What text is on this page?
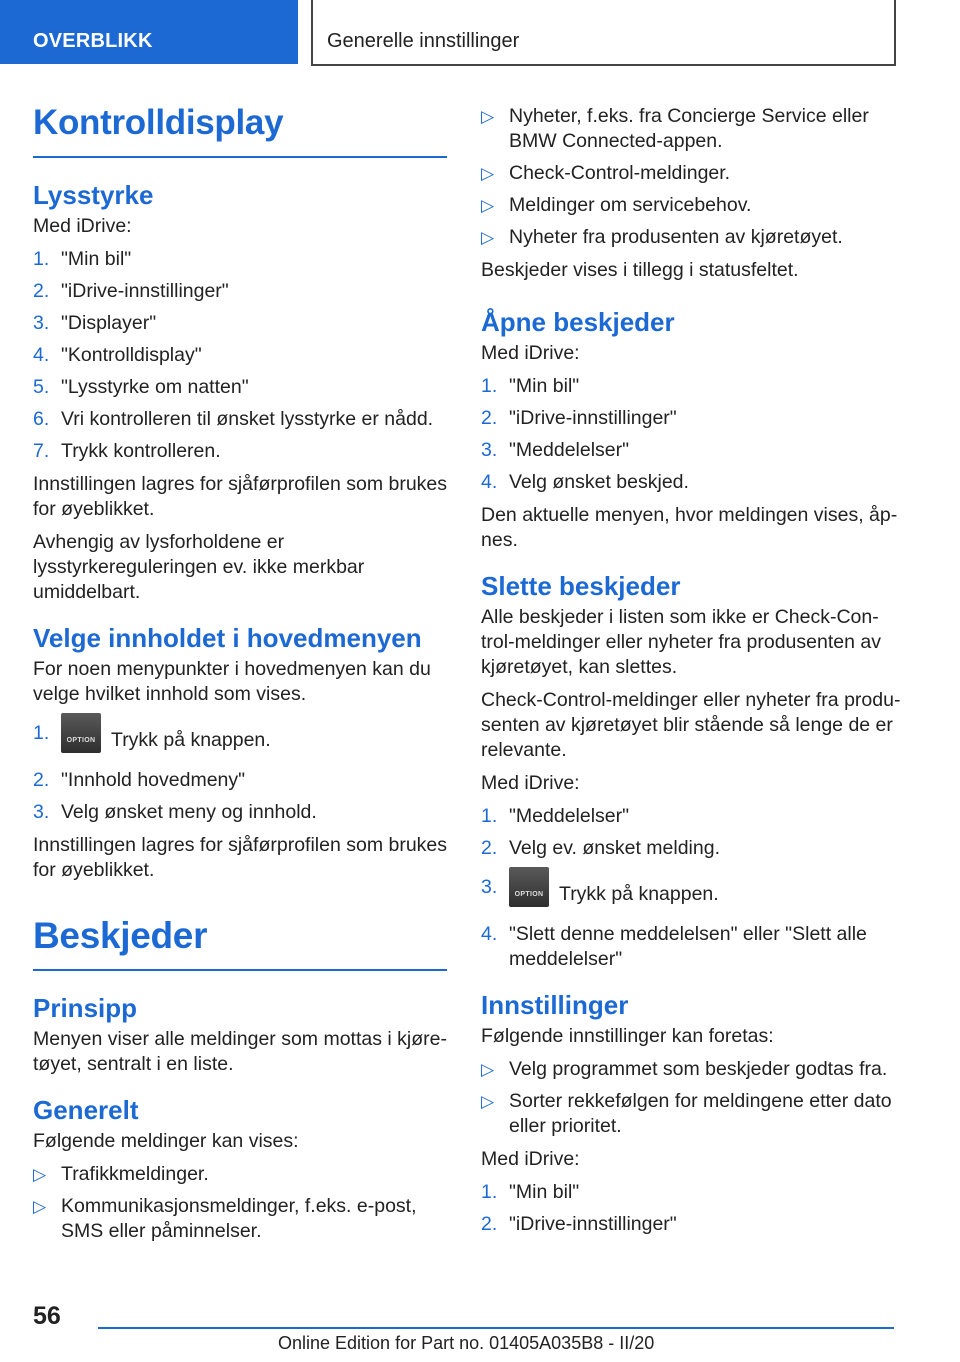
OVERBLIKK	Generelle innstillinger
Kontrolldisplay
Lysstyrke

Med iDrive:

1. "Min bil"
2. "iDrive-innstillinger"
3. "Displayer"
4. "Kontrolldisplay"
5. "Lysstyrke om natten"
6. Vri kontrolleren til ønsket lysstyrke er nådd.
7. Trykk kontrolleren.

Innstillingen lagres for sjåførprofilen som brukes for øyeblikket.

Avhengig av lysforholdene er lysstyrkereguleringen ev. ikke merkbar umiddelbart.

Velge innholdet i hovedmenyen

For noen menypunkter i hovedmenyen kan du velge hvilket innhold som vises.

1.	OPTION Trykk på knappen.
2. "Innhold hovedmeny"
3. Velg ønsket meny og innhold.

Innstillingen lagres for sjåførprofilen som brukes for øyeblikket.

Beskjeder
Prinsipp

Menyen viser alle meldinger som mottas i kjøretøyet, sentralt i en liste.

Generelt

Følgende meldinger kan vises:

▷ Trafikkmeldinger.
▷ Kommunikasjonsmeldinger, f.eks. e-post, SMS eller påminnelser.
▷ Nyheter, f.eks. fra Concierge Service eller BMW Connected-appen.
▷ Check-Control-meldinger.
▷ Meldinger om servicebehov.
▷ Nyheter fra produsenten av kjøretøyet.

Beskjeder vises i tillegg i statusfeltet.

Åpne beskjeder

Med iDrive:

1. "Min bil"
2. "iDrive-innstillinger"
3. "Meddelelser"
4. Velg ønsket beskjed.

Den aktuelle menyen, hvor meldingen vises, åpnes.

Slette beskjeder

Alle beskjeder i listen som ikke er Check-Control-meldinger eller nyheter fra produsenten av kjøretøyet, kan slettes.

Check-Control-meldinger eller nyheter fra produsenten av kjøretøyet blir stående så lenge de er relevante.

Med iDrive:

1. "Meddelelser"
2. Velg ev. ønsket melding.
3.	OPTION Trykk på knappen.
4. "Slett denne meddelelsen" eller "Slett alle meddelelser"
Innstillinger

Følgende innstillinger kan foretas:

▷ Velg programmet som beskjeder godtas fra.
▷ Sorter rekkefølgen for meldingene etter dato eller prioritet.

Med iDrive:

1. "Min bil"
2. "iDrive-innstillinger"
56
Online Edition for Part no. 01405A035B8 - II/20
